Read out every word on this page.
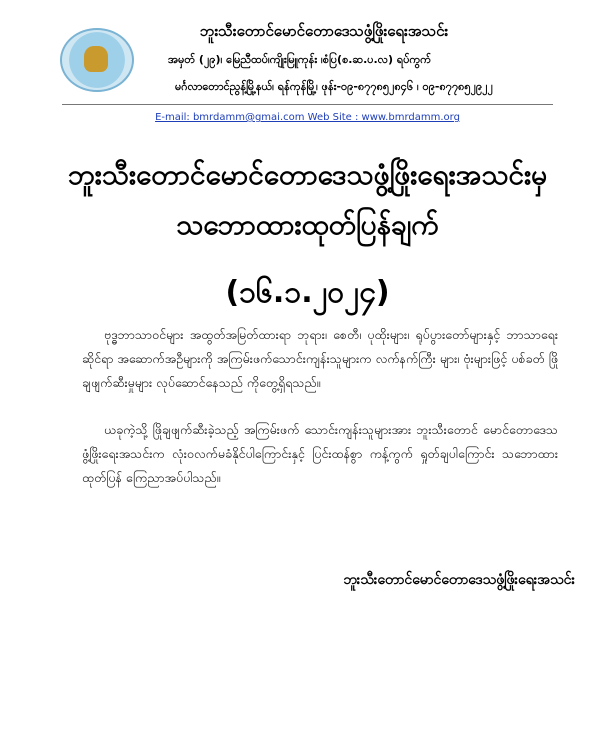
ဘူးသီးတောင်မောင်တောဒေသဖွံ့ဖြိုးရေးအသင်း
အမှတ် (၂၉)၊ မြေညီထပ်၊ကျိုးမြူကုန်း ၊စံပြ(စ.ဆ.ပ.လ) ရပ်ကွက်
မင်္ဂလာတောင်ညွန့်မြို့နယ်၊ ရန်ကုန်မြို့၊ ဖုန်း-၀၉-၈၇၇၈၅၂၈၄၆ ၊ ၀၉-၈၇၇၈၅၂၉၂၂
E-mail: bmrdamm@gmai.com Web Site : www.bmrdamm.org
ဘူးသီးတောင်မောင်တောဒေသဖွံ့ဖြိုးရေးအသင်းမှ သဘောထားထုတ်ပြန်ချက်
(၁၆.၁.၂၀၂၄)
ဗုဒ္ဓဘာသာဝင်များ အထွတ်အမြတ်ထားရာ ဘုရား၊ စေတီ၊ ပုထိုးများ၊ ရုပ်ပွားတော်များနှင့် ဘာသာရေးဆိုင်ရာ အဆောက်အဦများကို အကြမ်းဖက်သောင်းကျန်းသူများက လက်နက်ကြီး များ၊ ဗုံးများဖြင့် ပစ်ခတ် ဖြိုချဖျက်ဆီးမှုများ လုပ်ဆောင်နေသည် ကိုတွေ့ရှိရသည်။
ယခုကဲ့သို့ ဖြိုချဖျက်ဆီးခဲ့သည့် အကြမ်းဖက် သောင်းကျန်းသူများအား ဘူးသီးတောင် မောင်တောဒေသဖွံ့ဖြိုးရေးအသင်းက လုံးဝလက်မခံနိုင်ပါကြောင်းနှင့် ပြင်းထန်စွာ ကန့်ကွက် ရှုတ်ချပါကြောင်း သဘောထားထုတ်ပြန် ကြေညာအပ်ပါသည်။
ဘူးသီးတောင်မောင်တောဒေသဖွံ့ဖြိုးရေးအသင်း
